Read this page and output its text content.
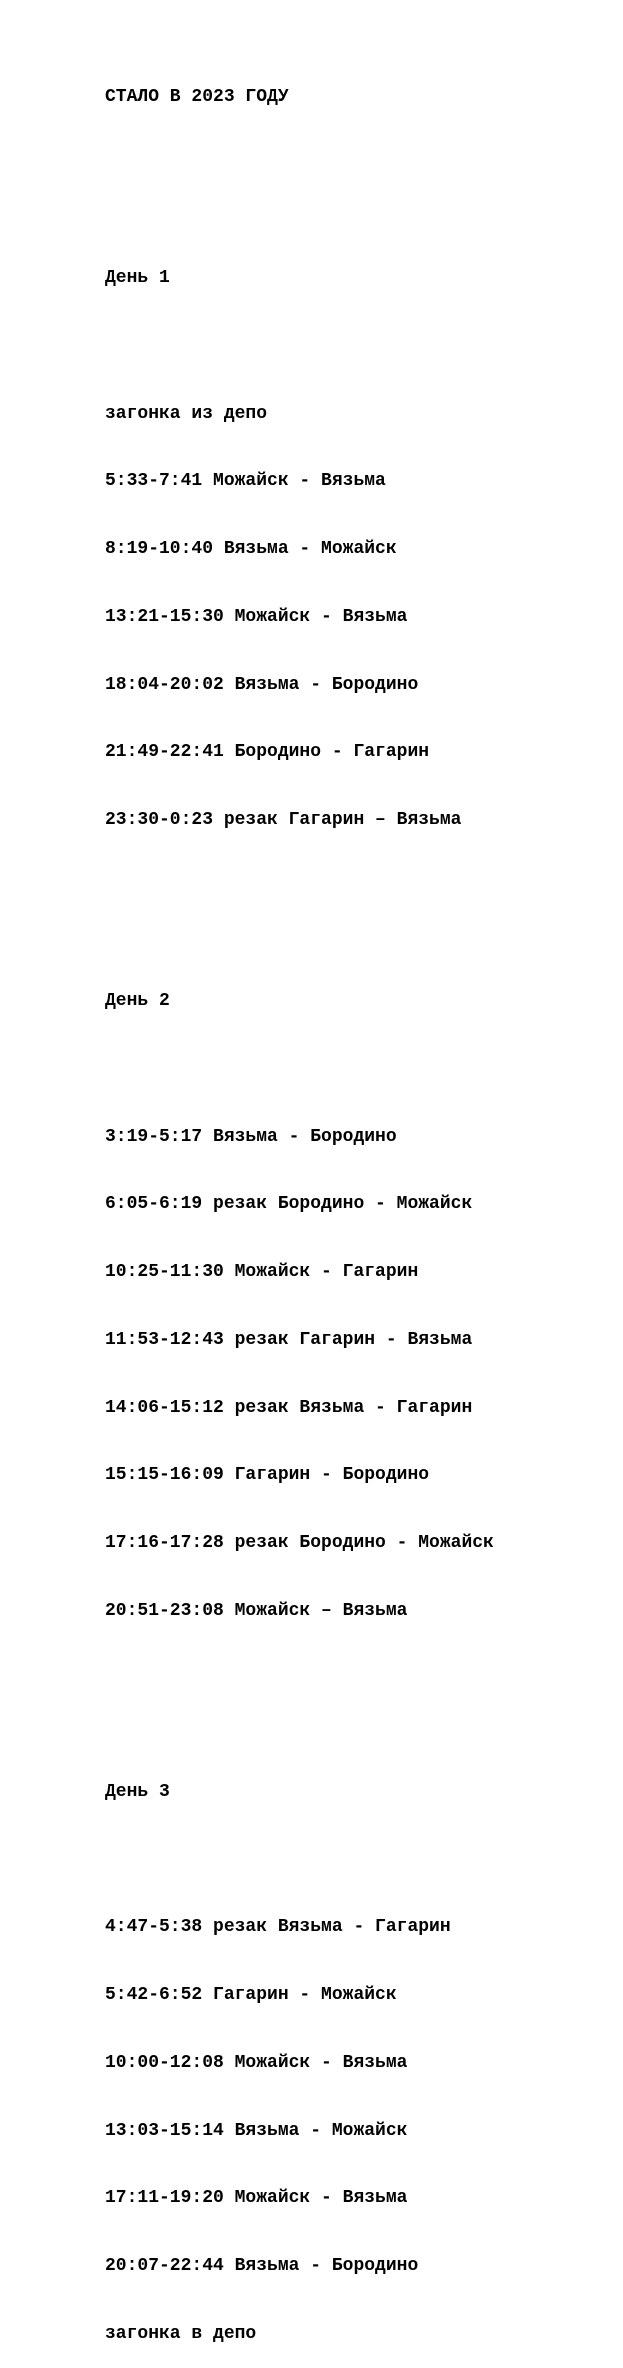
СТАЛО В 2023 ГОДУ

День 1

загонка из депо

5:33-7:41 Можайск - Вязьма

8:19-10:40 Вязьма - Можайск

13:21-15:30 Можайск - Вязьма

18:04-20:02 Вязьма - Бородино

21:49-22:41 Бородино - Гагарин

23:30-0:23 резак Гагарин – Вязьма

День 2

3:19-5:17 Вязьма - Бородино

6:05-6:19 резак Бородино - Можайск

10:25-11:30 Можайск - Гагарин

11:53-12:43 резак Гагарин - Вязьма

14:06-15:12 резак Вязьма - Гагарин

15:15-16:09 Гагарин - Бородино

17:16-17:28 резак Бородино - Можайск

20:51-23:08 Можайск – Вязьма

День 3

4:47-5:38 резак Вязьма - Гагарин

5:42-6:52 Гагарин - Можайск

10:00-12:08 Можайск - Вязьма

13:03-15:14 Вязьма - Можайск

17:11-19:20 Можайск - Вязьма

20:07-22:44 Вязьма - Бородино

загонка в депо
